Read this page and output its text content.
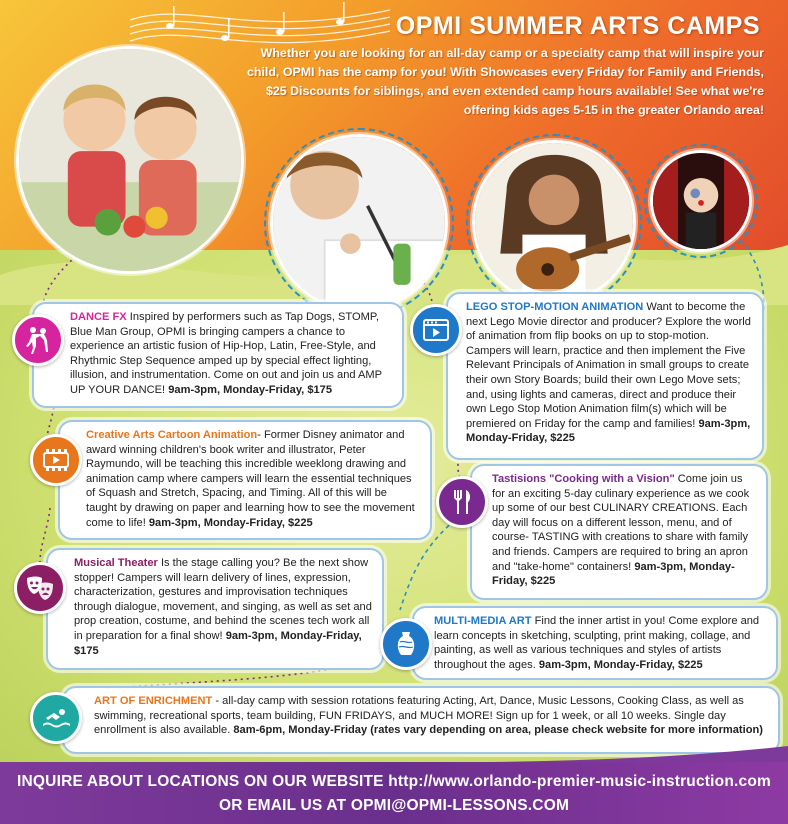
OPMI SUMMER ARTS CAMPS
Whether you are looking for an all-day camp or a specialty camp that will inspire your child, OPMI has the camp for you! With Showcases every Friday for Family and Friends, $25 Discounts for siblings, and even extended camp hours available! See what we're offering kids ages 5-15 in the greater Orlando area!
DANCE FX Inspired by performers such as Tap Dogs, STOMP, Blue Man Group, OPMI is bringing campers a chance to experience an artistic fusion of Hip-Hop, Latin, Free-Style, and Rhythmic Step Sequence amped up by special effect lighting, illusion, and instrumentation. Come on out and join us and AMP UP YOUR DANCE! 9am-3pm, Monday-Friday, $175
Creative Arts Cartoon Animation- Former Disney animator and award winning children's book writer and illustrator, Peter Raymundo, will be teaching this incredible weeklong drawing and animation camp where campers will learn the essential techniques of Squash and Stretch, Spacing, and Timing. All of this will be taught by drawing on paper and learning how to see the movement come to life! 9am-3pm, Monday-Friday, $225
Musical Theater Is the stage calling you? Be the next show stopper! Campers will learn delivery of lines, expression, characterization, gestures and improvisation techniques through dialogue, movement, and singing, as well as set and prop creation, costume, and behind the scenes tech work all in preparation for a final show! 9am-3pm, Monday-Friday, $175
LEGO STOP-MOTION ANIMATION Want to become the next Lego Movie director and producer? Explore the world of animation from flip books on up to stop-motion. Campers will learn, practice and then implement the Five Relevant Principals of Animation in small groups to create their own Story Boards; build their own Lego Move sets; and, using lights and cameras, direct and produce their own Lego Stop Motion Animation film(s) which will be premiered on Friday for the camp and families! 9am-3pm, Monday-Friday, $225
Tastisions "Cooking with a Vision" Come join us for an exciting 5-day culinary experience as we cook up some of our best CULINARY CREATIONS. Each day will focus on a different lesson, menu, and of course- TASTING with creations to share with family and friends. Campers are required to bring an apron and "take-home" containers! 9am-3pm, Monday-Friday, $225
MULTI-MEDIA ART Find the inner artist in you! Come explore and learn concepts in sketching, sculpting, print making, collage, and painting, as well as various techniques and styles of artists throughout the ages. 9am-3pm, Monday-Friday, $225
ART OF ENRICHMENT - all-day camp with session rotations featuring Acting, Art, Dance, Music Lessons, Cooking Class, as well as swimming, recreational sports, team building, FUN FRIDAYS, and MUCH MORE! Sign up for 1 week, or all 10 weeks. Single day enrollment is also available. 8am-6pm, Monday-Friday (rates vary depending on area, please check website for more information)
INQUIRE ABOUT LOCATIONS ON OUR WEBSITE http://www.orlando-premier-music-instruction.com
OR EMAIL US AT OPMI@OPMI-LESSONS.COM
